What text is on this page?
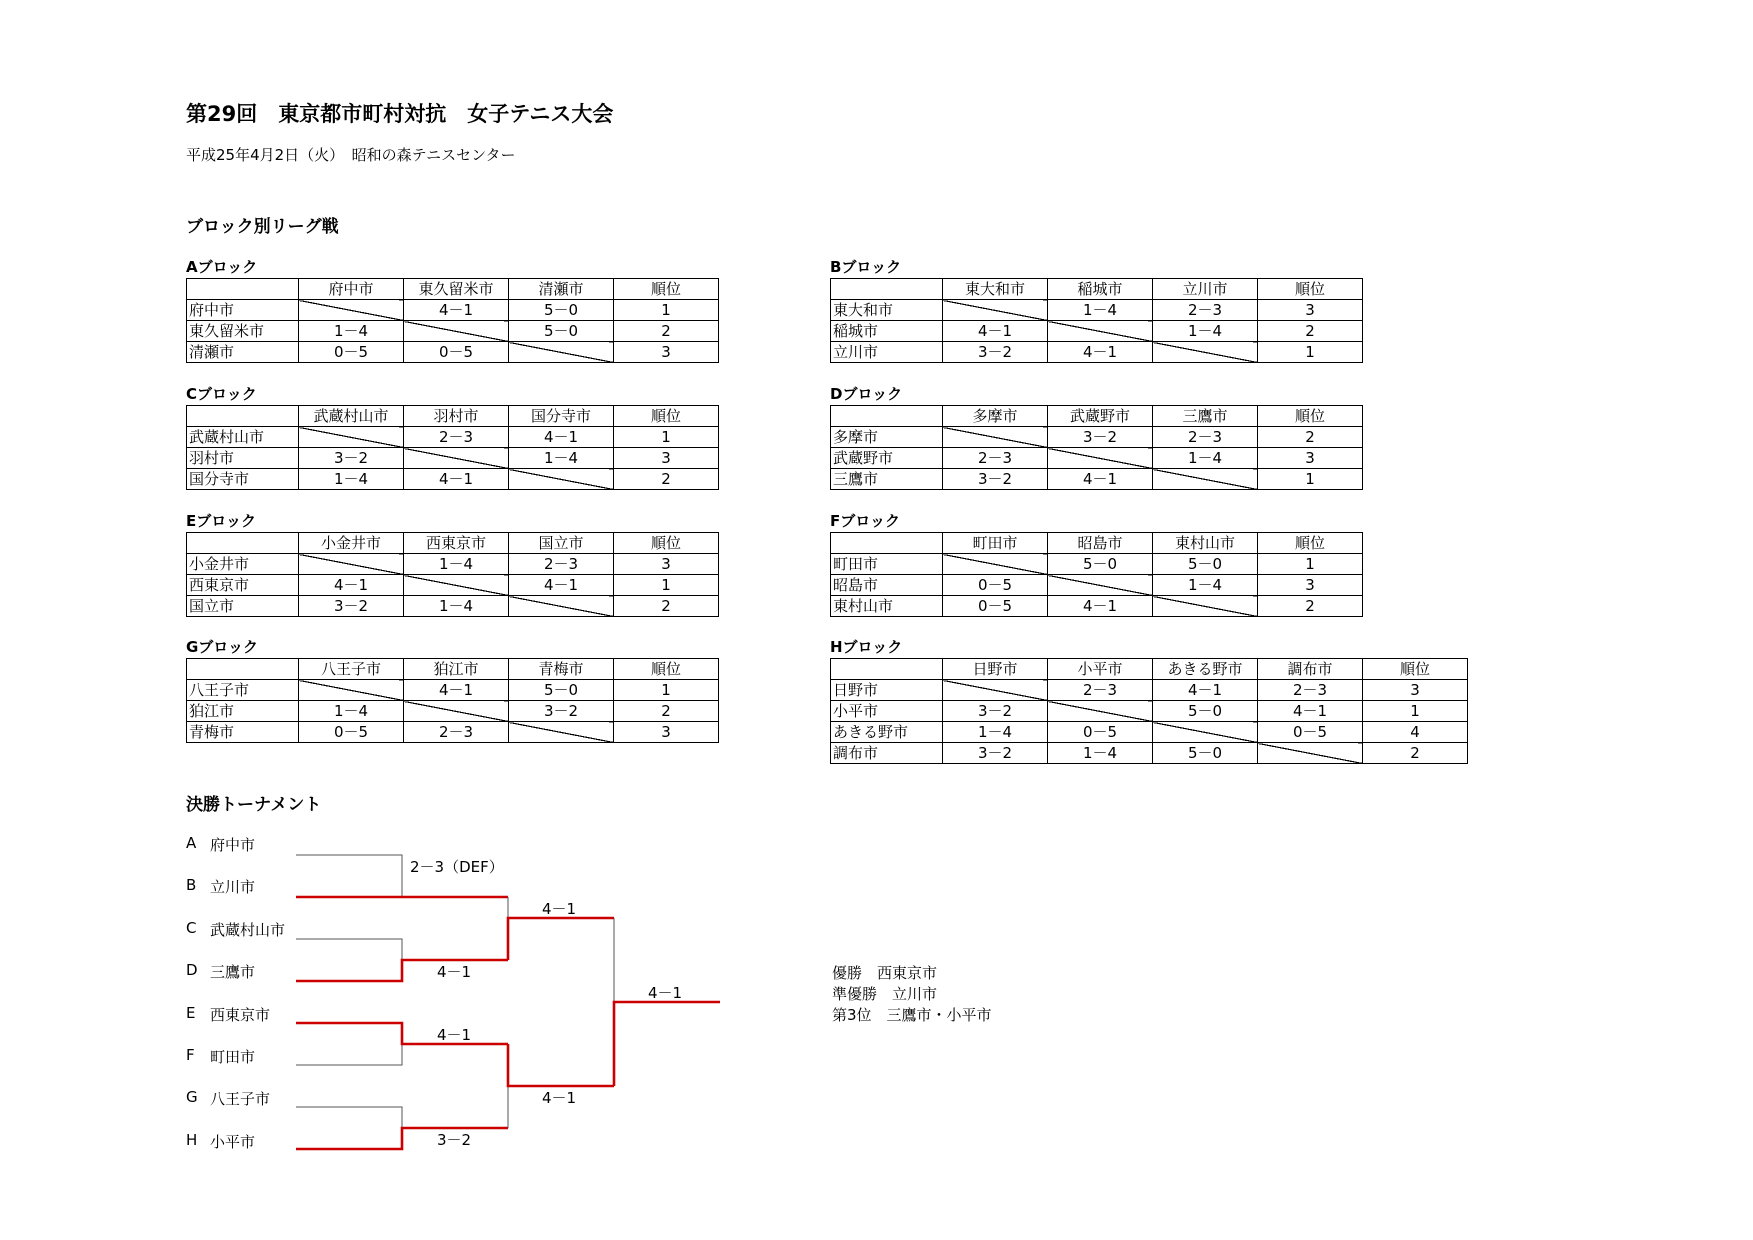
第29回　東京都市町村対抗　女子テニス大会
平成25年4月2日（火）　昭和の森テニスセンター
ブロック別リーグ戦
Aブロック
	府中市	東久留米市	清瀬市	順位
府中市		4－1	5－0	1
東久留米市	1－4		5－0	2
清瀬市	0－5	0－5		3
Bブロック
	東大和市	稲城市	立川市	順位
東大和市		1－4	2－3	3
稲城市	4－1		1－4	2
立川市	3－2	4－1		1
Cブロック
	武蔵村山市	羽村市	国分寺市	順位
武蔵村山市		2－3	4－1	1
羽村市	3－2		1－4	3
国分寺市	1－4	4－1		2
Dブロック
	多摩市	武蔵野市	三鷹市	順位
多摩市		3－2	2－3	2
武蔵野市	2－3		1－4	3
三鷹市	3－2	4－1		1
Eブロック
	小金井市	西東京市	国立市	順位
小金井市		1－4	2－3	3
西東京市	4－1		4－1	1
国立市	3－2	1－4		2
Fブロック
	町田市	昭島市	東村山市	順位
町田市		5－0	5－0	1
昭島市	0－5		1－4	3
東村山市	0－5	4－1		2
Gブロック
	八王子市	狛江市	青梅市	順位
八王子市		4－1	5－0	1
狛江市	1－4		3－2	2
青梅市	0－5	2－3		3
Hブロック
	日野市	小平市	あきる野市	調布市	順位
日野市		2－3	4－1	2－3	3
小平市	3－2		5－0	4－1	1
あきる野市	1－4	0－5		0－5	4
調布市	3－2	1－4	5－0		2
決勝トーナメント
A 府中市
B 立川市
C 武蔵村山市
D 三鷹市
E 西東京市
F 町田市
G 八王子市
H 小平市
2－3（DEF）
4－1
4－1
3－2
4－1
4－1
4－1
優勝　西東京市
準優勝　立川市
第3位　三鷹市・小平市
